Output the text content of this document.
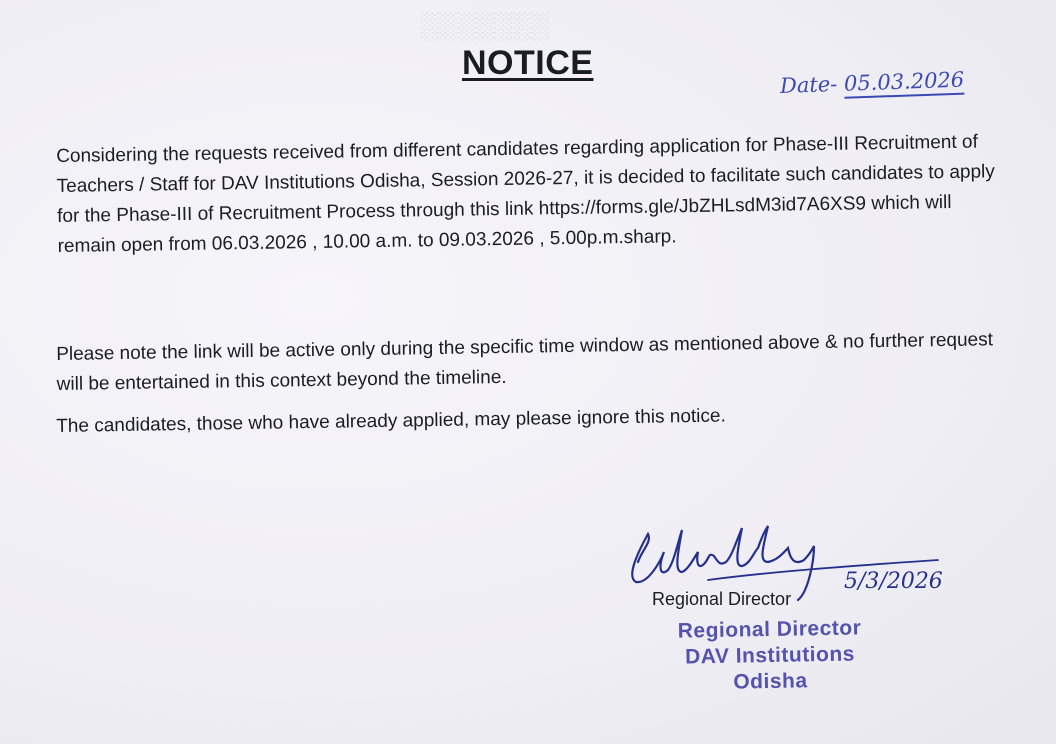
░░░░░░░
NOTICE
Date- 05.03.2026
Considering the requests received from different candidates regarding application for Phase-III Recruitment of Teachers / Staff for DAV Institutions Odisha, Session 2026-27, it is decided to facilitate such candidates to apply for the Phase-III of Recruitment Process through this link https://forms.gle/JbZHLsdM3id7A6XS9 which will remain open from 06.03.2026 , 10.00 a.m. to 09.03.2026 , 5.00p.m.sharp.
Please note the link will be active only during the specific time window as mentioned above & no further request will be entertained in this context beyond the timeline.
The candidates, those who have already applied, may please ignore this notice.
5/3/2026
Regional Director
Regional Director
DAV Institutions
Odisha
